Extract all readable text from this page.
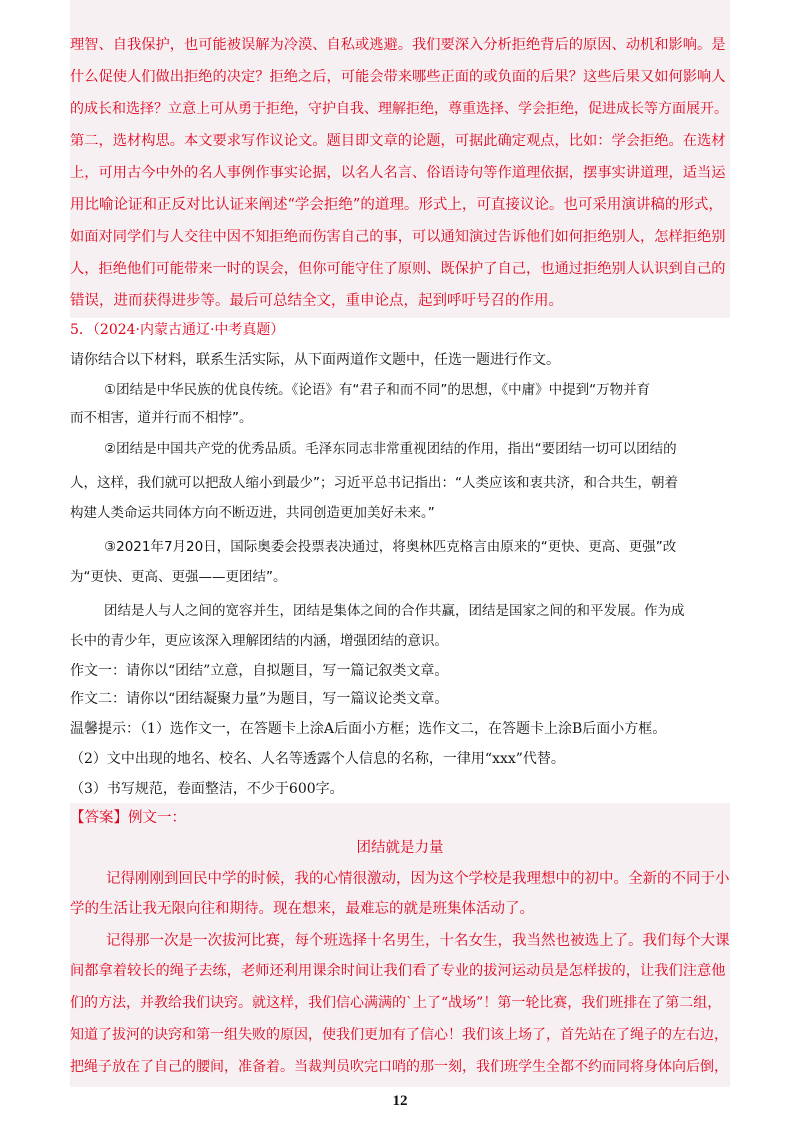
理智、自我保护，也可能被误解为冷漠、自私或逃避。我们要深入分析拒绝背后的原因、动机和影响。是
什么促使人们做出拒绝的决定？拒绝之后，可能会带来哪些正面的或负面的后果？这些后果又如何影响人
的成长和选择？立意上可从勇于拒绝，守护自我、理解拒绝，尊重选择、学会拒绝，促进成长等方面展开。
第二，选材构思。本文要求写作议论文。题目即文章的论题，可据此确定观点，比如：学会拒绝。在选材
上，可用古今中外的名人事例作事实论据，以名人名言、俗语诗句等作道理依据，摆事实讲道理，适当运
用比喻论证和正反对比认证来阐述“学会拒绝”的道理。形式上，可直接议论。也可采用演讲稿的形式，
如面对同学们与人交往中因不知拒绝而伤害自己的事，可以通知演过告诉他们如何拒绝别人，怎样拒绝别
人，拒绝他们可能带来一时的误会，但你可能守住了原则、既保护了自己，也通过拒绝别人认识到自己的
错误，进而获得进步等。最后可总结全文，重申论点，起到呼吁号召的作用。
5．（2024·内蒙古通辽·中考真题）
请你结合以下材料，联系生活实际，从下面两道作文题中，任选一题进行作文。
①团结是中华民族的优良传统。《论语》有“君子和而不同”的思想，《中庸》中提到“万物并育
而不相害，道并行而不相悖”。
②团结是中国共产党的优秀品质。毛泽东同志非常重视团结的作用，指出“要团结一切可以团结的
人，这样，我们就可以把敌人缩小到最少”；习近平总书记指出：“人类应该和衷共济，和合共生，朝着
构建人类命运共同体方向不断迈进，共同创造更加美好未来。”
③2021年7月20日，国际奥委会投票表决通过，将奥林匹克格言由原来的“更快、更高、更强”改
为“更快、更高、更强——更团结”。
团结是人与人之间的宽容并生，团结是集体之间的合作共赢，团结是国家之间的和平发展。作为成
长中的青少年，更应该深入理解团结的内涵，增强团结的意识。
作文一：请你以“团结”立意，自拟题目，写一篇记叙类文章。
作文二：请你以“团结凝聚力量”为题目，写一篇议论类文章。
温馨提示：（1）选作文一，在答题卡上涂A后面小方框；选作文二，在答题卡上涂B后面小方框。
（2）文中出现的地名、校名、人名等透露个人信息的名称，一律用“xxx”代替。
（3）书写规范，卷面整洁，不少于600字。
【答案】例文一：
团结就是力量
记得刚刚到回民中学的时候，我的心情很激动，因为这个学校是我理想中的初中。全新的不同于小
学的生活让我无限向往和期待。现在想来，最难忘的就是班集体活动了。
记得那一次是一次拔河比赛，每个班选择十名男生，十名女生，我当然也被选上了。我们每个大课
间都拿着较长的绳子去练，老师还利用课余时间让我们看了专业的拔河运动员是怎样拔的，让我们注意他
们的方法，并教给我们诀窍。就这样，我们信心满满的`上了“战场”！第一轮比赛，我们班排在了第二组，
知道了拔河的诀窍和第一组失败的原因，使我们更加有了信心！我们该上场了，首先站在了绳子的左右边，
把绳子放在了自己的腰间，准备着。当裁判员吹完口哨的那一刻，我们班学生全都不约而同将身体向后倒，
12
